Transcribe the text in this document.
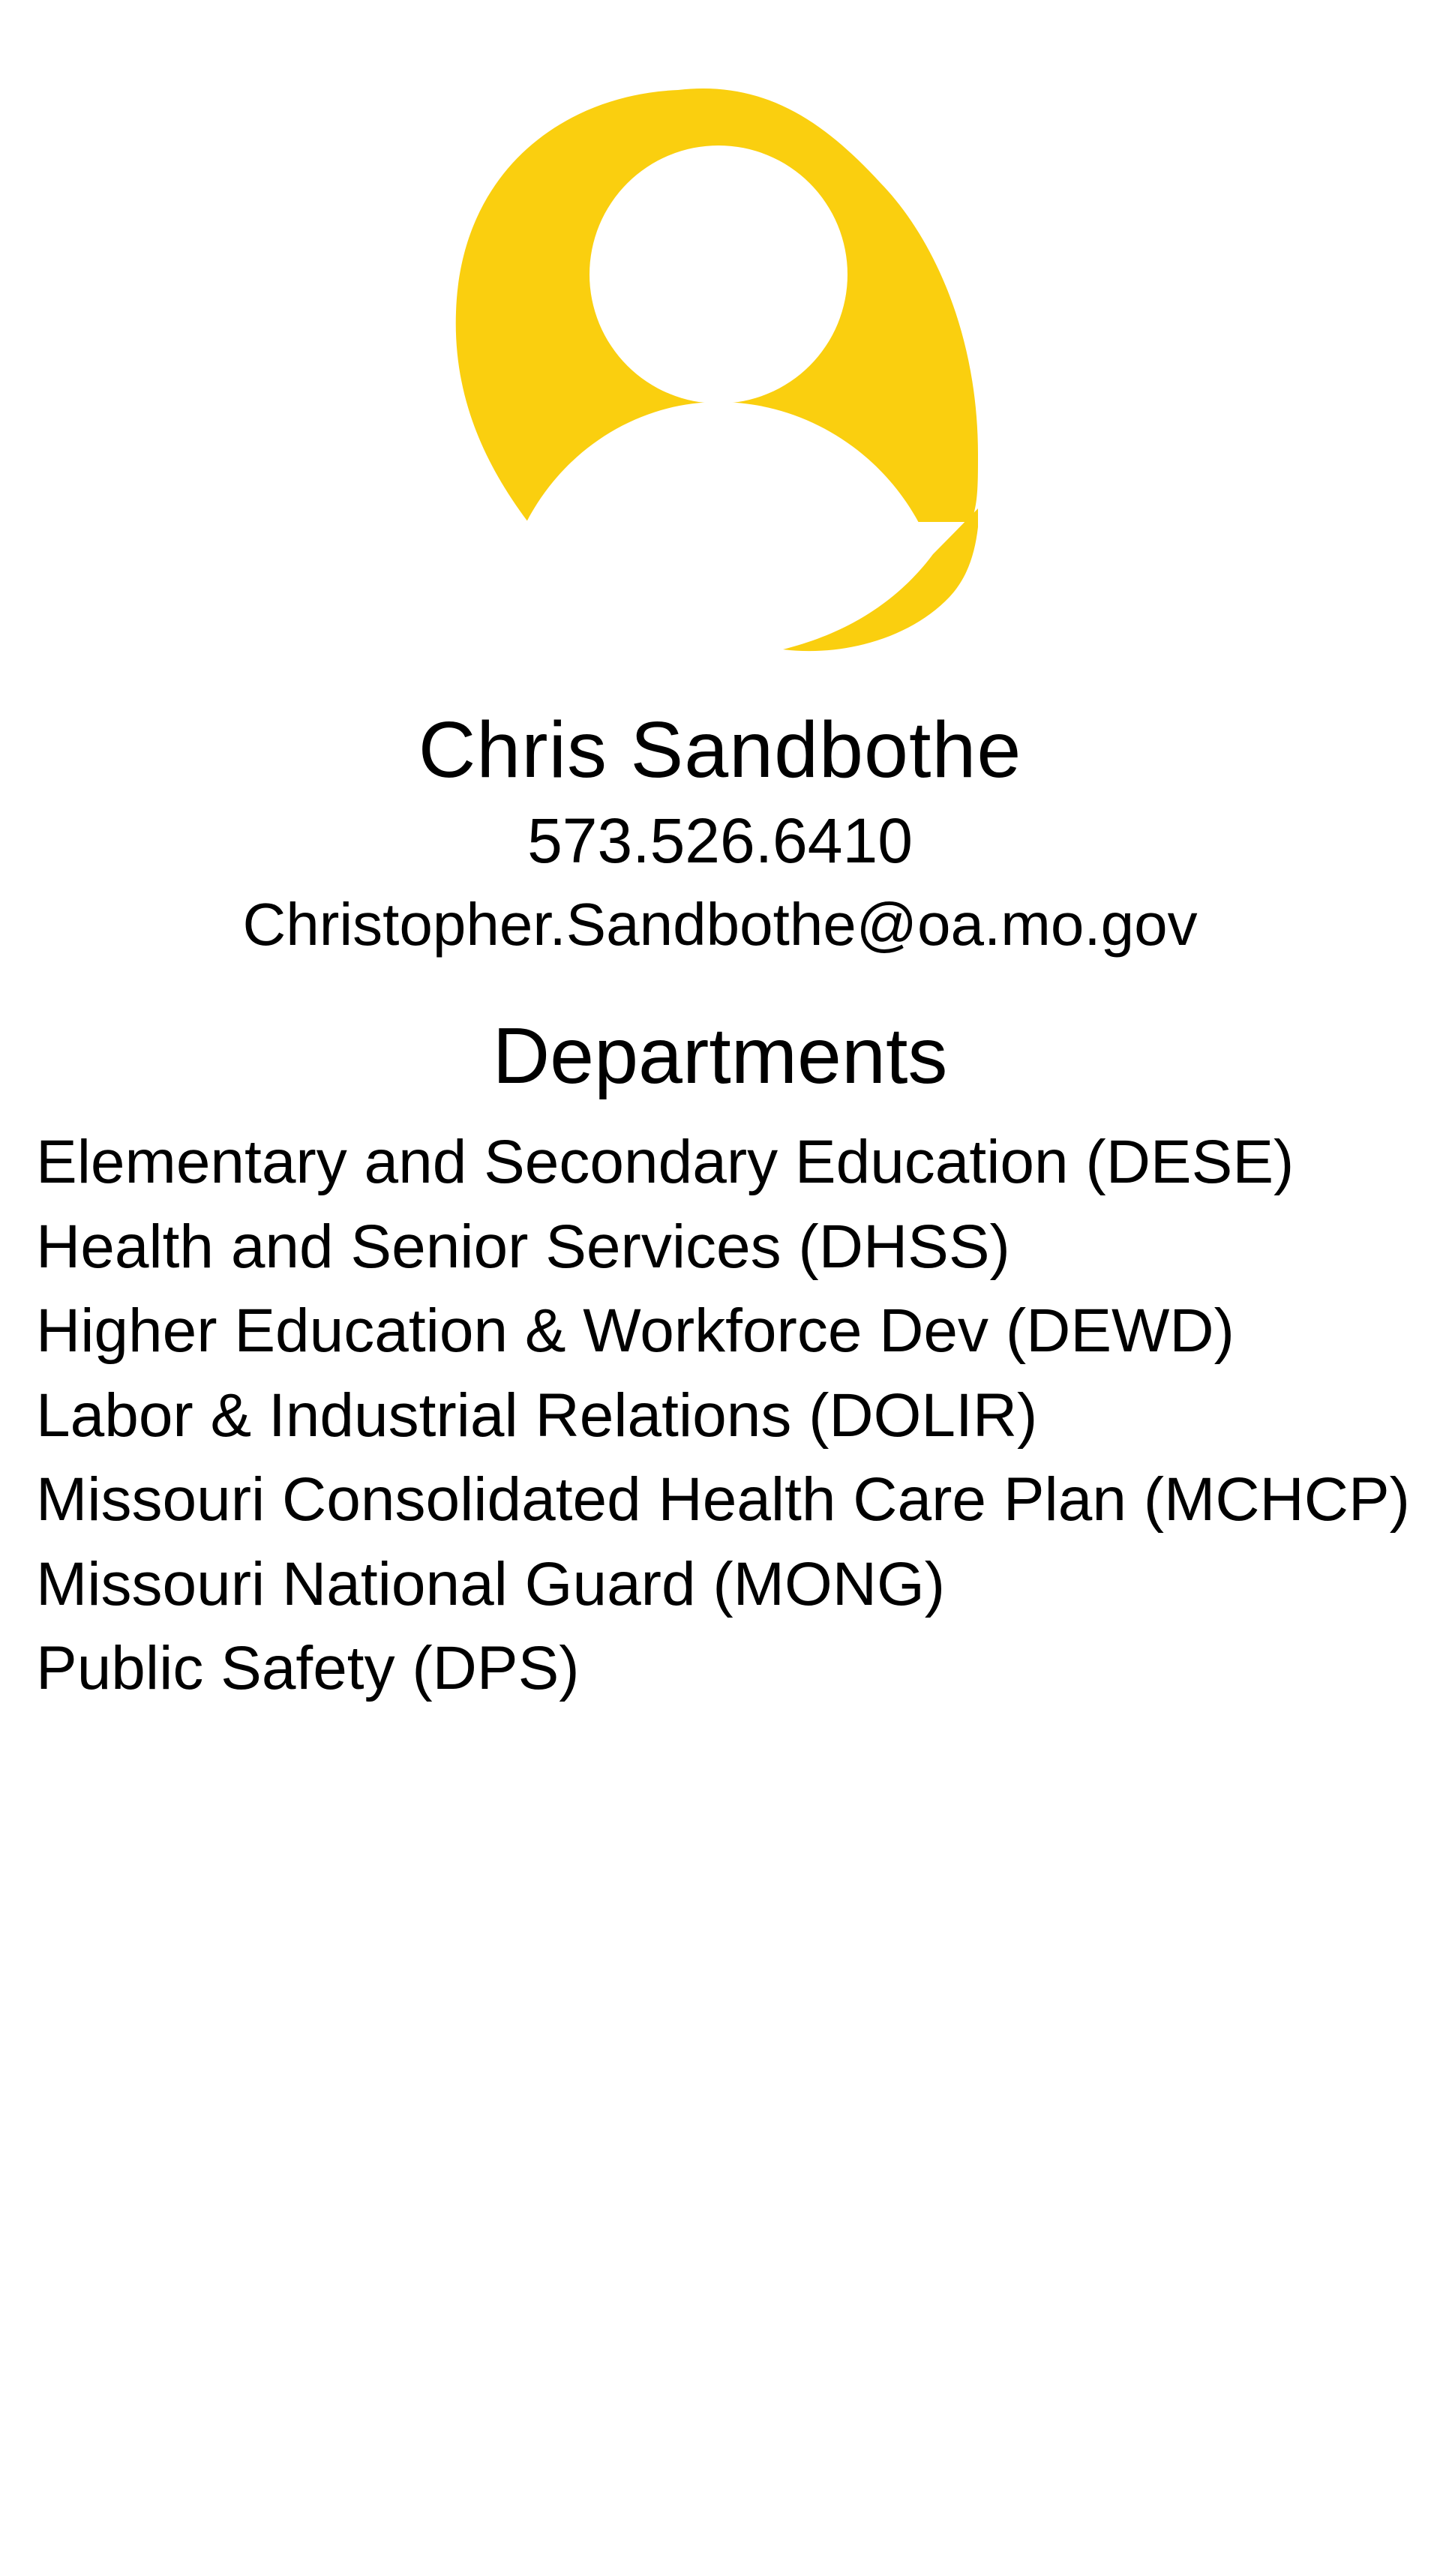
Chris Sandbothe

573.526.6410

Christopher.Sandbothe@oa.mo.gov

Departments
Elementary and Secondary Education (DESE)
Health and Senior Services (DHSS)
Higher Education & Workforce Dev (DEWD)
Labor & Industrial Relations (DOLIR)
Missouri Consolidated Health Care Plan (MCHCP)
Missouri National Guard (MONG)
Public Safety (DPS)
